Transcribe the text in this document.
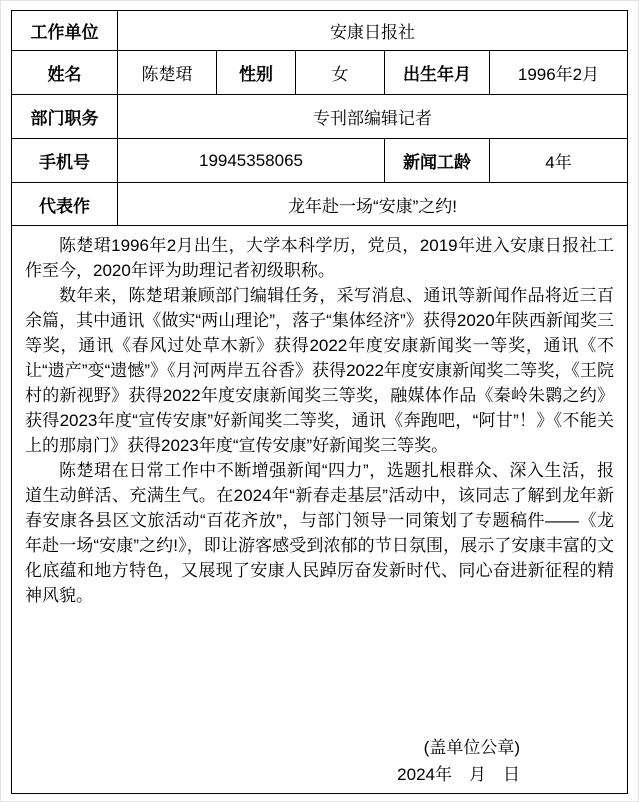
工作单位	安康日报社
姓名	陈楚珺	性别	女	出生年月	1996年2月
部门职务	专刊部编辑记者
手机号	19945358065	新闻工龄	4年
代表作	龙年赴一场“安康”之约!

陈楚珺1996年2月出生，大学本科学历，党员，2019年进入安康日报社工作至今，2020年评为助理记者初级职称。

数年来，陈楚珺兼顾部门编辑任务，采写消息、通讯等新闻作品将近三百余篇，其中通讯《做实“两山理论”，落子“集体经济”》获得2020年陕西新闻奖三等奖，通讯《春风过处草木新》获得2022年度安康新闻奖一等奖，通讯《不让“遗产”变“遗憾”》《月河两岸五谷香》获得2022年度安康新闻奖二等奖，《王院村的新视野》获得2022年度安康新闻奖三等奖，融媒体作品《秦岭朱鹮之约》获得2023年度“宣传安康”好新闻奖二等奖，通讯《奔跑吧，“阿甘”！》《不能关上的那扇门》获得2023年度“宣传安康”好新闻奖三等奖。

陈楚珺在日常工作中不断增强新闻“四力”，选题扎根群众、深入生活，报道生动鲜活、充满生气。在2024年“新春走基层”活动中，该同志了解到龙年新春安康各县区文旅活动“百花齐放”，与部门领导一同策划了专题稿件——《龙年赴一场“安康”之约!》，即让游客感受到浓郁的节日氛围，展示了安康丰富的文化底蕴和地方特色，又展现了安康人民踔厉奋发新时代、同心奋进新征程的精神风貌。

(盖单位公章)
2024年　月　日
